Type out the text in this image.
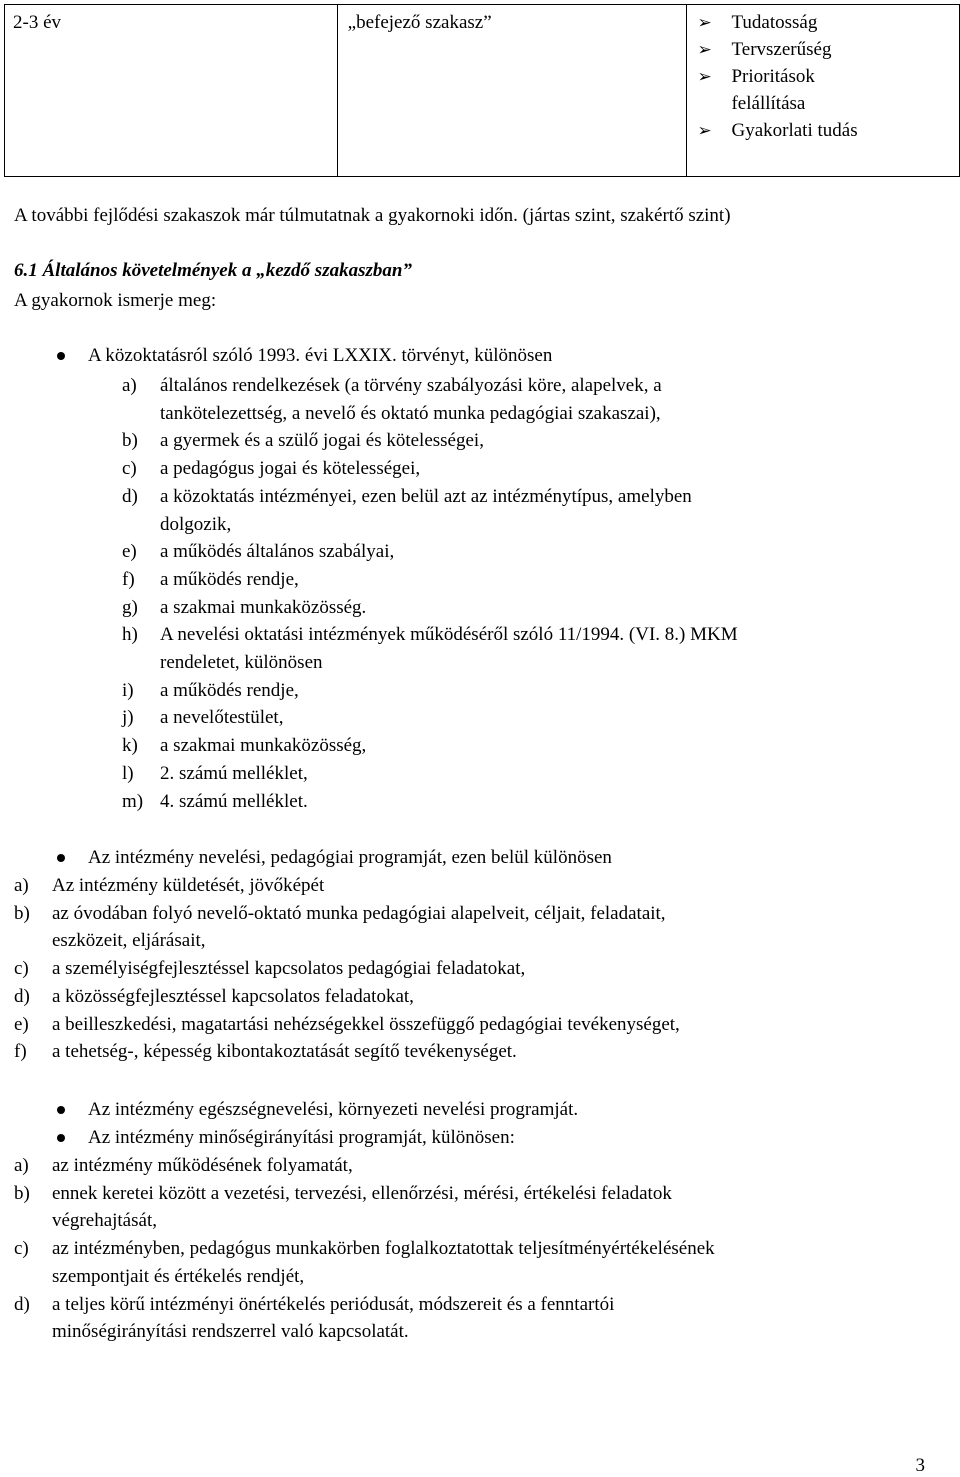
2-3 év	„befejező szakasz”	➢	Tudatosság
➢	Tervszerűség
➢	Prioritások felállítása
➢	Gyakorlati tudás
A további fejlődési szakaszok már túlmutatnak a gyakornoki időn. (jártas szint, szakértő szint)
6.1 Általános követelmények a „kezdő szakaszban”
A gyakornok ismerje meg:
A közoktatásról szóló 1993. évi LXXIX. törvényt, különösen
a) általános rendelkezések (a törvény szabályozási köre, alapelvek, a
tankötelezettség, a nevelő és oktató munka pedagógiai szakaszai),
b) a gyermek és a szülő jogai és kötelességei,
c) a pedagógus jogai és kötelességei,
d) a közoktatás intézményei, ezen belül azt az intézménytípus, amelyben
dolgozik,
e) a működés általános szabályai,
f) a működés rendje,
g) a szakmai munkaközösség.
h) A nevelési oktatási intézmények működéséről szóló 11/1994. (VI. 8.) MKM
rendeletet, különösen
i) a működés rendje,
j) a nevelőtestület,
k) a szakmai munkaközösség,
l) 2. számú melléklet,
m) 4. számú melléklet.
Az intézmény nevelési, pedagógiai programját, ezen belül különösen
a) Az intézmény küldetését, jövőképét
b) az óvodában folyó nevelő-oktató munka pedagógiai alapelveit, céljait, feladatait,
eszközeit, eljárásait,
c) a személyiségfejlesztéssel kapcsolatos pedagógiai feladatokat,
d) a közösségfejlesztéssel kapcsolatos feladatokat,
e) a beilleszkedési, magatartási nehézségekkel összefüggő pedagógiai tevékenységet,
f) a tehetség-, képesség kibontakoztatását segítő tevékenységet.
Az intézmény egészségnevelési, környezeti nevelési programját.
Az intézmény minőségirányítási programját, különösen:
a) az intézmény működésének folyamatát,
b) ennek keretei között a vezetési, tervezési, ellenőrzési, mérési, értékelési feladatok
végrehajtását,
c) az intézményben, pedagógus munkakörben foglalkoztatottak teljesítményértékelésének
szempontjait és értékelés rendjét,
d) a teljes körű intézményi önértékelés periódusát, módszereit és a fenntartói
minőségirányítási rendszerrel való kapcsolatát.
3
